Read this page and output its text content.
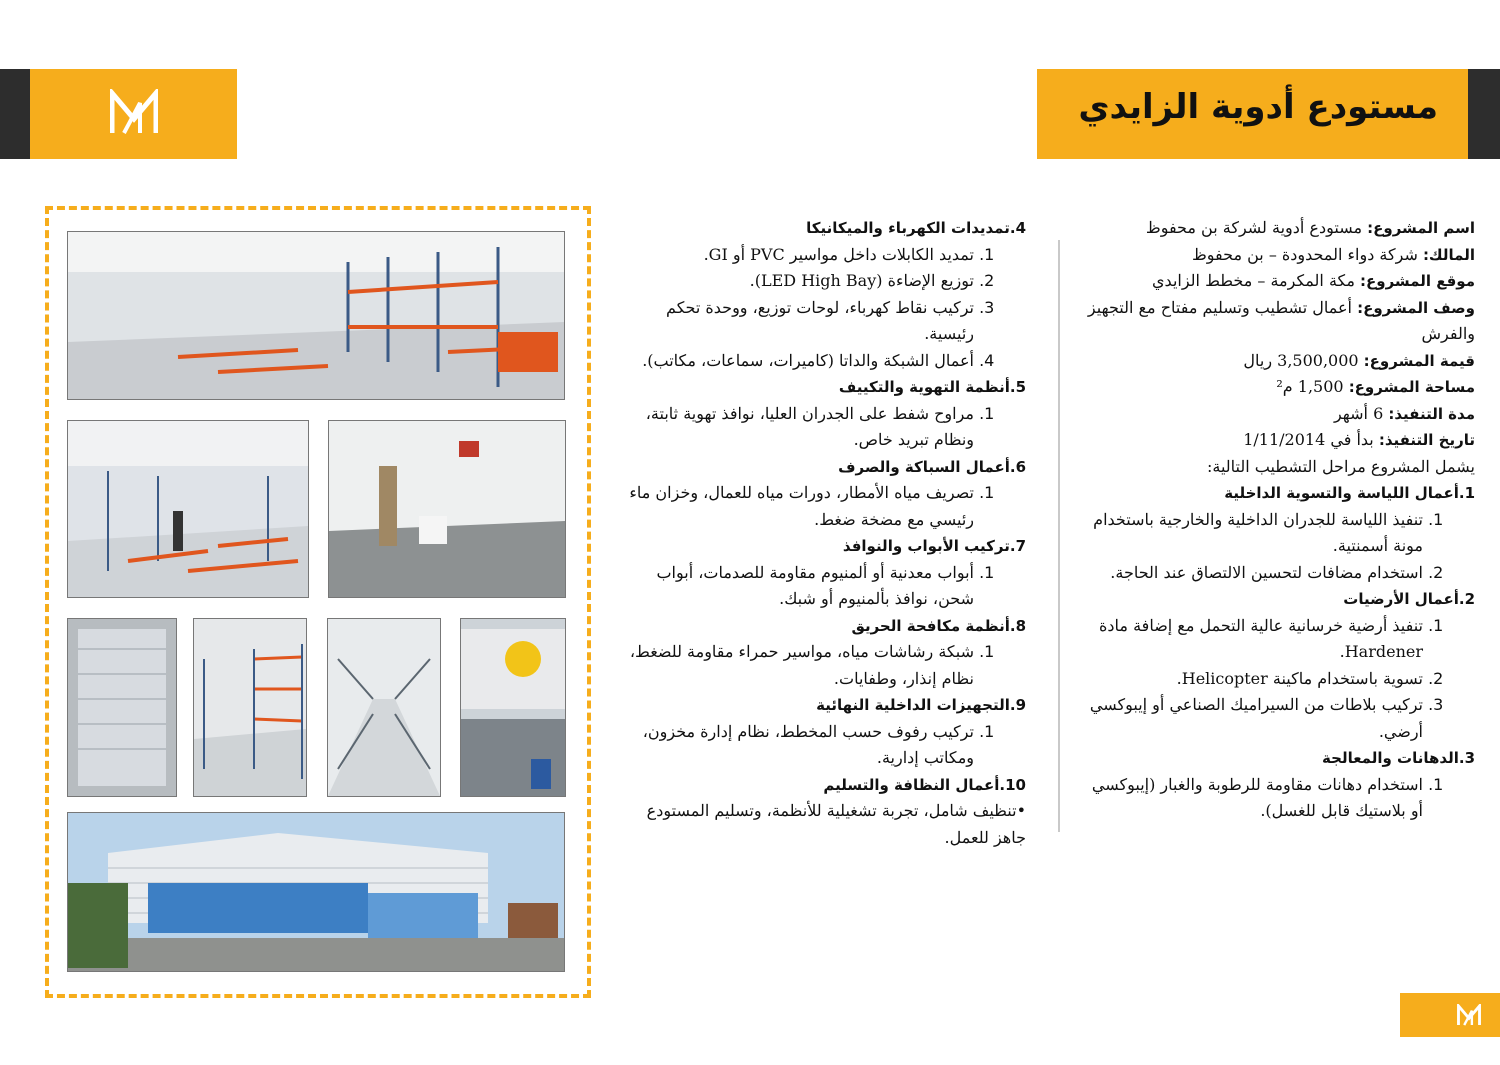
مستودع أدوية الزايدي
اسم المشروع: مستودع أدوية لشركة بن محفوظ
المالك: شركة دواء المحدودة – بن محفوظ
موقع المشروع: مكة المكرمة – مخطط الزايدي
وصف المشروع: أعمال تشطيب وتسليم مفتاح مع التجهيز والفرش
قيمة المشروع: 3,500,000 ريال
مساحة المشروع: 1,500 م²
مدة التنفيذ: 6 أشهر
تاريخ التنفيذ: بدأ في 1/11/2014
يشمل المشروع مراحل التشطيب التالية:
1.أعمال اللياسة والتسوية الداخلية
1. تنفيذ اللياسة للجدران الداخلية والخارجية باستخدام مونة أسمنتية.
2. استخدام مضافات لتحسين الالتصاق عند الحاجة.
2.أعمال الأرضيات
1. تنفيذ أرضية خرسانية عالية التحمل مع إضافة مادة Hardener.
2. تسوية باستخدام ماكينة Helicopter.
3. تركيب بلاطات من السيراميك الصناعي أو إيبوكسي أرضي.
3.الدهانات والمعالجة
1. استخدام دهانات مقاومة للرطوبة والغبار (إيبوكسي أو بلاستيك قابل للغسل).
4.تمديدات الكهرباء والميكانيكا
1. تمديد الكابلات داخل مواسير PVC أو GI.
2. توزيع الإضاءة (LED High Bay).
3. تركيب نقاط كهرباء، لوحات توزيع، ووحدة تحكم رئيسية.
4. أعمال الشبكة والداتا (كاميرات، سماعات، مكاتب).
5.أنظمة التهوية والتكييف
1. مراوح شفط على الجدران العليا، نوافذ تهوية ثابتة، ونظام تبريد خاص.
6.أعمال السباكة والصرف
1. تصريف مياه الأمطار، دورات مياه للعمال، وخزان ماء رئيسي مع مضخة ضغط.
7.تركيب الأبواب والنوافذ
1. أبواب معدنية أو ألمنيوم مقاومة للصدمات، أبواب شحن، نوافذ بألمنيوم أو شبك.
8.أنظمة مكافحة الحريق
1. شبكة رشاشات مياه، مواسير حمراء مقاومة للضغط، نظام إنذار، وطفايات.
9.التجهيزات الداخلية النهائية
1. تركيب رفوف حسب المخطط، نظام إدارة مخزون، ومكاتب إدارية.
10.أعمال النظافة والتسليم
•تنظيف شامل، تجربة تشغيلية للأنظمة، وتسليم المستودع جاهز للعمل.
